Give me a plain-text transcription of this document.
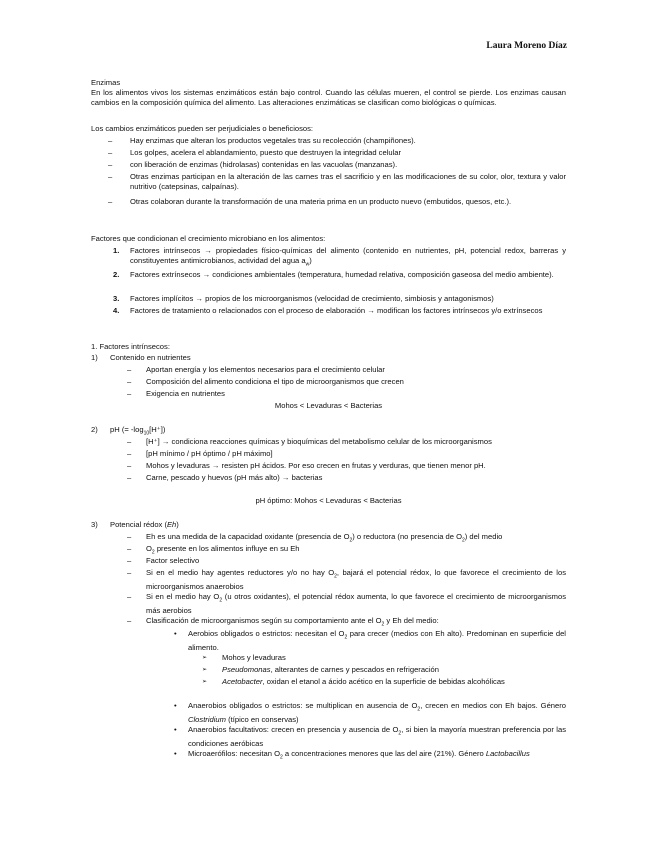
Laura Moreno Díaz
Enzimas
En los alimentos vivos los sistemas enzimáticos están bajo control. Cuando las células mueren, el control se pierde. Los enzimas causan cambios en la composición química del alimento. Las alteraciones enzimáticas se clasifican como biológicas o químicas.
Los cambios enzimáticos pueden ser perjudiciales o beneficiosos:
– Hay enzimas que alteran los productos vegetales tras su recolección (champiñones).
– Los golpes, acelera el ablandamiento, puesto que destruyen la integridad celular
– con liberación de enzimas (hidrolasas) contenidas en las vacuolas (manzanas).
– Otras enzimas participan en la alteración de las carnes tras el sacrificio y en las modificaciones de su color, olor, textura y valor nutritivo (catepsinas, calpaínas).
– Otras colaboran durante la transformación de una materia prima en un producto nuevo (embutidos, quesos, etc.).
Factores que condicionan el crecimiento microbiano en los alimentos:
1. Factores intrínsecos → propiedades físico-químicas del alimento (contenido en nutrientes, pH, potencial redox, barreras y constituyentes antimicrobianos, actividad del agua $a_w$)
2. Factores extrínsecos → condiciones ambientales (temperatura, humedad relativa, composición gaseosa del medio ambiente).
3. Factores implícitos → propios de los microorganismos (velocidad de crecimiento, simbiosis y antagonismos)
4. Factores de tratamiento o relacionados con el proceso de elaboración → modifican los factores intrínsecos y/o extrínsecos
1. Factores intrínsecos:
1) Contenido en nutrientes
– Aportan energía y los elementos necesarios para el crecimiento celular
– Composición del alimento condiciona el tipo de microorganismos que crecen
– Exigencia en nutrientes
Mohos < Levaduras < Bacterias
2) pH (= $-\log_{10}[H^+]$)
– [H⁺] → condiciona reacciones químicas y bioquímicas del metabolismo celular de los microorganismos
– [pH mínimo / pH óptimo / pH máximo]
– Mohos y levaduras → resisten pH ácidos. Por eso crecen en frutas y verduras, que tienen menor pH.
– Carne, pescado y huevos (pH más alto) → bacterias
pH óptimo: Mohos < Levaduras < Bacterias
3) Potencial rédox (Eh)
– Eh es una medida de la capacidad oxidante (presencia de $O_2$) o reductora (no presencia de $O_2$) del medio
– $O_2$ presente en los alimentos influye en su Eh
– Factor selectivo
– Si en el medio hay agentes reductores y/o no hay $O_2$, bajará el potencial rédox, lo que favorece el crecimiento de los microorganismos anaerobios
– Si en el medio hay $O_2$ (u otros oxidantes), el potencial rédox aumenta, lo que favorece el crecimiento de microorganismos más aerobios
– Clasificación de microorganismos según su comportamiento ante el $O_2$ y Eh del medio:
• Aerobios obligados o estrictos: necesitan el $O_2$ para crecer (medios con Eh alto). Predominan en superficie del alimento.
➢ Mohos y levaduras
➢ Pseudomonas, alterantes de carnes y pescados en refrigeración
➢ Acetobacter, oxidan el etanol a ácido acético en la superficie de bebidas alcohólicas
• Anaerobios obligados o estrictos: se multiplican en ausencia de $O_2$, crecen en medios con Eh bajos. Género Clostridium (típico en conservas)
• Anaerobios facultativos: crecen en presencia y ausencia de $O_2$, si bien la mayoría muestran preferencia por las condiciones aeróbicas
• Microaerófilos: necesitan $O_2$ a concentraciones menores que las del aire (21%). Género Lactobacillus
